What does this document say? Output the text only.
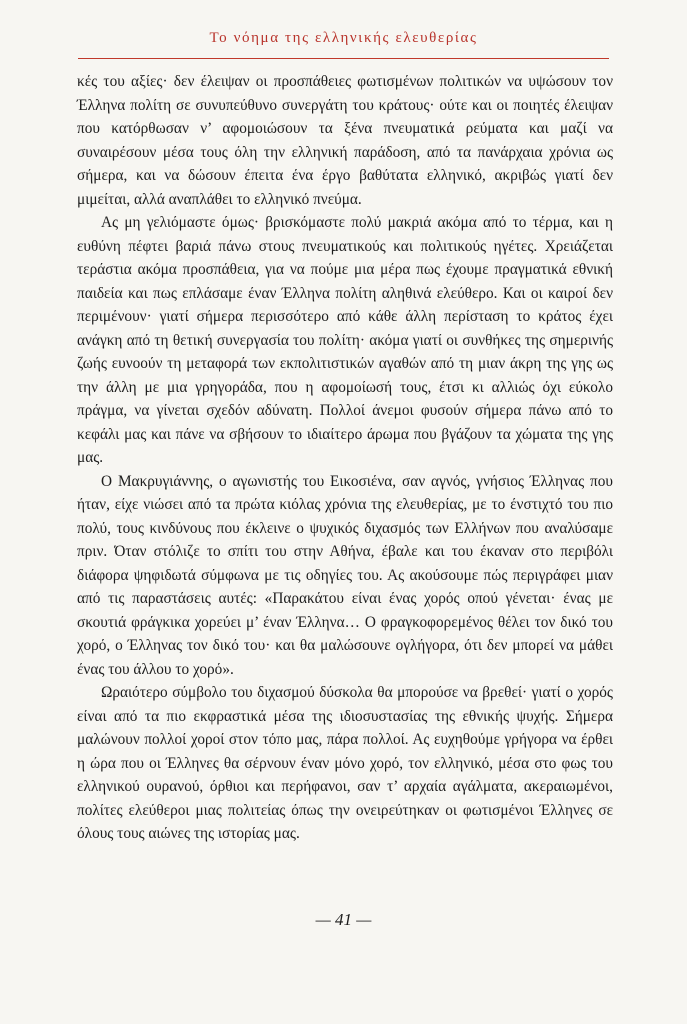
Το νόημα της ελληνικής ελευθερίας

κές του αξίες· δεν έλειψαν οι προσπάθειες φωτισμένων πολιτικών να υψώσουν τον Έλληνα πολίτη σε συνυπεύθυνο συνεργάτη του κράτους· ούτε και οι ποιητές έλειψαν που κατόρθωσαν ν’ αφομοιώσουν τα ξένα πνευματικά ρεύματα και μαζί να συναιρέσουν μέσα τους όλη την ελληνική παράδοση, από τα πανάρχαια χρόνια ως σήμερα, και να δώσουν έπειτα ένα έργο βαθύτατα ελληνικό, ακριβώς γιατί δεν μιμείται, αλλά αναπλάθει το ελληνικό πνεύμα.

Ας μη γελιόμαστε όμως· βρισκόμαστε πολύ μακριά ακόμα από το τέρμα, και η ευθύνη πέφτει βαριά πάνω στους πνευματικούς και πολιτικούς ηγέτες. Χρειάζεται τεράστια ακόμα προσπάθεια, για να πούμε μια μέρα πως έχουμε πραγματικά εθνική παιδεία και πως επλάσαμε έναν Έλληνα πολίτη αληθινά ελεύθερο. Και οι καιροί δεν περιμένουν· γιατί σήμερα περισσότερο από κάθε άλλη περίσταση το κράτος έχει ανάγκη από τη θετική συνεργασία του πολίτη· ακόμα γιατί οι συνθήκες της σημερινής ζωής ευνοούν τη μεταφορά των εκπολιτιστικών αγαθών από τη μιαν άκρη της γης ως την άλλη με μια γρηγοράδα, που η αφομοίωσή τους, έτσι κι αλλιώς όχι εύκολο πράγμα, να γίνεται σχεδόν αδύνατη. Πολλοί άνεμοι φυσούν σήμερα πάνω από το κεφάλι μας και πάνε να σβήσουν το ιδιαίτερο άρωμα που βγάζουν τα χώματα της γης μας.

Ο Μακρυγιάννης, ο αγωνιστής του Εικοσιένα, σαν αγνός, γνήσιος Έλληνας που ήταν, είχε νιώσει από τα πρώτα κιόλας χρόνια της ελευθερίας, με το ένστιχτό του πιο πολύ, τους κινδύνους που έκλεινε ο ψυχικός διχασμός των Ελλήνων που αναλύσαμε πριν. Όταν στόλιζε το σπίτι του στην Αθήνα, έβαλε και του έκαναν στο περιβόλι διάφορα ψηφιδωτά σύμφωνα με τις οδηγίες του. Ας ακούσουμε πώς περιγράφει μιαν από τις παραστάσεις αυτές: «Παρακάτου είναι ένας χορός οπού γένεται· ένας με σκουτιά φράγκικα χορεύει μ’ έναν Έλληνα… Ο φραγκοφορεμένος θέλει τον δικό του χορό, ο Έλληνας τον δικό του· και θα μαλώσουνε ογλήγορα, ότι δεν μπορεί να μάθει ένας του άλλου το χορό».

Ωραιότερο σύμβολο του διχασμού δύσκολα θα μπορούσε να βρεθεί· γιατί ο χορός είναι από τα πιο εκφραστικά μέσα της ιδιοσυστασίας της εθνικής ψυχής. Σήμερα μαλώνουν πολλοί χοροί στον τόπο μας, πάρα πολλοί. Ας ευχηθούμε γρήγορα να έρθει η ώρα που οι Έλληνες θα σέρνουν έναν μόνο χορό, τον ελληνικό, μέσα στο φως του ελληνικού ουρανού, όρθιοι και περήφανοι, σαν τ’ αρχαία αγάλματα, ακεραιωμένοι, πολίτες ελεύθεροι μιας πολιτείας όπως την ονειρεύτηκαν οι φωτισμένοι Έλληνες σε όλους τους αιώνες της ιστορίας μας.

— 41 —
